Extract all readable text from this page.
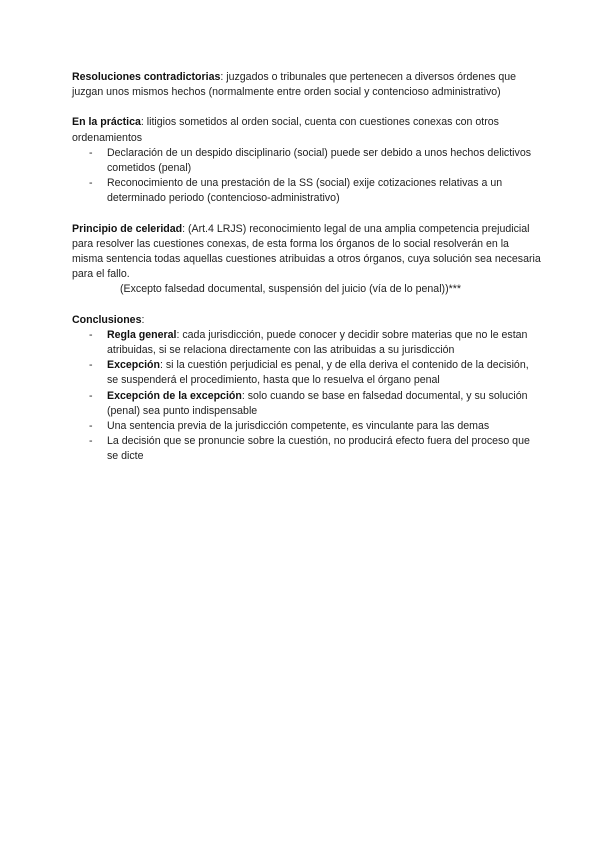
Resoluciones contradictorias: juzgados o tribunales que pertenecen a diversos órdenes que juzgan unos mismos hechos (normalmente entre orden social y contencioso administrativo)

En la práctica: litigios sometidos al orden social, cuenta con cuestiones conexas con otros ordenamientos

- Declaración de un despido disciplinario (social) puede ser debido a unos hechos delictivos cometidos (penal)
- Reconocimiento de una prestación de la SS (social) exije cotizaciones relativas a un determinado periodo (contencioso-administrativo)

Principio de celeridad: (Art.4 LRJS) reconocimiento legal de una amplia competencia prejudicial para resolver las cuestiones conexas, de esta forma los órganos de lo social resolverán en la misma sentencia todas aquellas cuestiones atribuidas a otros órganos, cuya solución sea necesaria para el fallo.

(Excepto falsedad documental, suspensión del juicio (vía de lo penal))***

Conclusiones:

- Regla general: cada jurisdicción, puede conocer y decidir sobre materias que no le estan atribuidas, si se relaciona directamente con las atribuidas a su jurisdicción
- Excepción: si la cuestión perjudicial es penal, y de ella deriva el contenido de la decisión, se suspenderá el procedimiento, hasta que lo resuelva el órgano penal
- Excepción de la excepción: solo cuando se base en falsedad documental, y su solución (penal) sea punto indispensable
- Una sentencia previa de la jurisdicción competente, es vinculante para las demas
- La decisión que se pronuncie sobre la cuestión, no producirá efecto fuera del proceso que se dicte
